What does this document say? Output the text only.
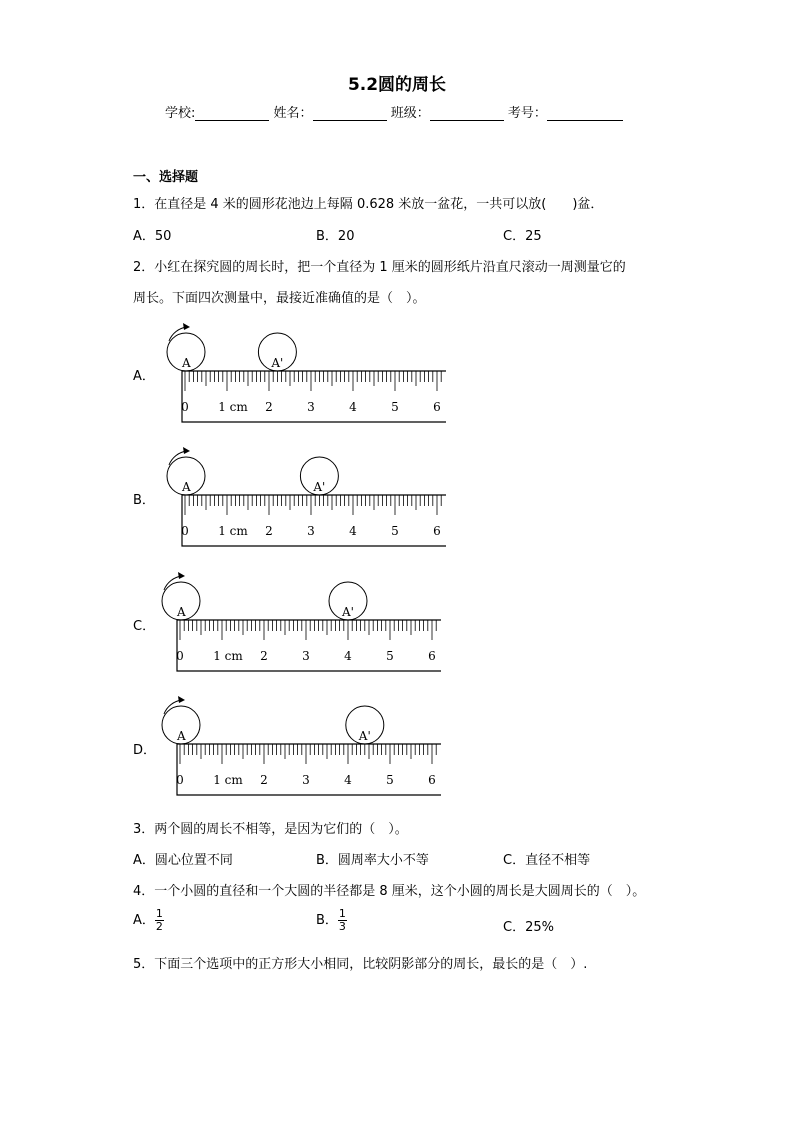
5.2圆的周长
学校:	姓名：	班级：	考号：
一、选择题
1．在直径是 4 米的圆形花池边上每隔 0.628 米放一盆花，一共可以放(　　)盆．
A．50	B．20	C．25
2．小红在探究圆的周长时，把一个直径为 1 厘米的圆形纸片沿直尺滚动一周测量它的
周长。下面四次测量中，最接近准确值的是（　）。
A．
B．
C．
D．
0 1 cm 2	3	4	5	6
A	A'
0 1 cm 2	3	4	5	6
A	A'
0 1 cm 2	3	4	5	6
A	A'
0 1 cm 2	3	4	5	6
A	A'
3．两个圆的周长不相等，是因为它们的（　）。
A．圆心位置不同	B．圆周率大小不等	C．直径不相等
4．一个小圆的直径和一个大圆的半径都是 8 厘米，这个小圆的周长是大圆周长的（　）。
A． $\frac{1}{2}$	B． $\frac{1}{3}$	C．25%
5．下面三个选项中的正方形大小相同，比较阴影部分的周长，最长的是（　）.
